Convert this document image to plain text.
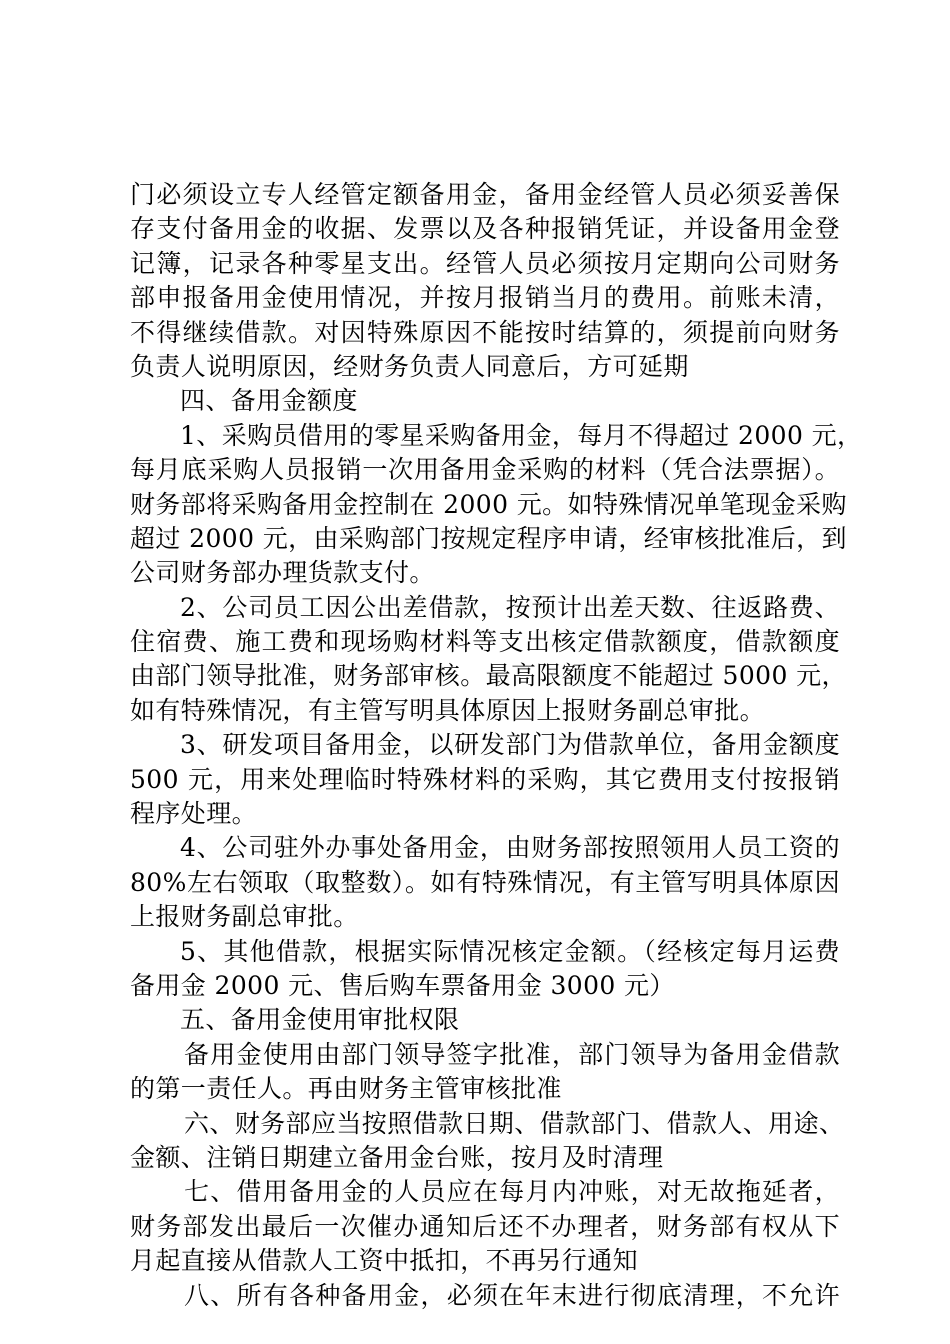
门必须设立专人经管定额备用金，备用金经管人员必须妥善保
存支付备用金的收据、发票以及各种报销凭证，并设备用金登
记簿，记录各种零星支出。经管人员必须按月定期向公司财务
部申报备用金使用情况，并按月报销当月的费用。前账未清，
不得继续借款。对因特殊原因不能按时结算的，须提前向财务
负责人说明原因，经财务负责人同意后，方可延期
四、备用金额度
1、采购员借用的零星采购备用金，每月不得超过 2000 元，
每月底采购人员报销一次用备用金采购的材料（凭合法票据）。
财务部将采购备用金控制在 2000 元。如特殊情况单笔现金采购
超过 2000 元，由采购部门按规定程序申请，经审核批准后，到
公司财务部办理货款支付。
2、公司员工因公出差借款，按预计出差天数、往返路费、
住宿费、施工费和现场购材料等支出核定借款额度，借款额度
由部门领导批准，财务部审核。最高限额度不能超过 5000 元，
如有特殊情况，有主管写明具体原因上报财务副总审批。
3、研发项目备用金，以研发部门为借款单位，备用金额度
500 元，用来处理临时特殊材料的采购，其它费用支付按报销
程序处理。
4、公司驻外办事处备用金，由财务部按照领用人员工资的
80%左右领取（取整数）。如有特殊情况，有主管写明具体原因
上报财务副总审批。
5、其他借款，根据实际情况核定金额。（经核定每月运费
备用金 2000 元、售后购车票备用金 3000 元）
五、备用金使用审批权限
备用金使用由部门领导签字批准，部门领导为备用金借款
的第一责任人。再由财务主管审核批准
六、财务部应当按照借款日期、借款部门、借款人、用途、
金额、注销日期建立备用金台账，按月及时清理
七、借用备用金的人员应在每月内冲账，对无故拖延者，
财务部发出最后一次催办通知后还不办理者，财务部有权从下
月起直接从借款人工资中抵扣，不再另行通知
八、所有各种备用金，必须在年末进行彻底清理，不允许
